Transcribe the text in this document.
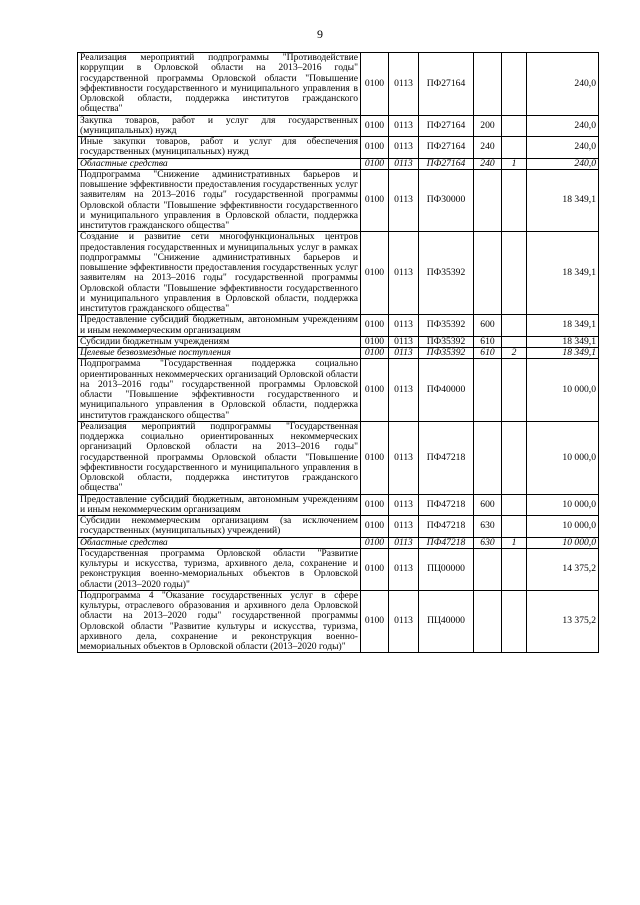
9
Реализация мероприятий подпрограммы "Противодействие коррупции в Орловской области на 2013–2016 годы" государственной программы Орловской области "Повышение эффективности государственного и муниципального управления в Орловской области, поддержка институтов гражданского общества"	0100	0113	ПФ27164			240,0
Закупка товаров, работ и услуг для государственных (муниципальных) нужд	0100	0113	ПФ27164	200		240,0
Иные закупки товаров, работ и услуг для обеспечения государственных (муниципальных) нужд	0100	0113	ПФ27164	240		240,0
Областные средства	0100	0113	ПФ27164	240	1	240,0
Подпрограмма "Снижение административных барьеров и повышение эффективности предоставления государственных услуг заявителям на 2013–2016 годы" государственной программы Орловской области "Повышение эффективности государственного и муниципального управления в Орловской области, поддержка институтов гражданского общества"	0100	0113	ПФ30000			18 349,1
Создание и развитие сети многофункциональных центров предоставления государственных и муниципальных услуг в рамках подпрограммы "Снижение административных барьеров и повышение эффективности предоставления государственных услуг заявителям на 2013–2016 годы" государственной программы Орловской области "Повышение эффективности государственного и муниципального управления в Орловской области, поддержка институтов гражданского общества"	0100	0113	ПФ35392			18 349,1
Предоставление субсидий бюджетным, автономным учреждениям и иным некоммерческим организациям	0100	0113	ПФ35392	600		18 349,1
Субсидии бюджетным учреждениям	0100	0113	ПФ35392	610		18 349,1
Целевые безвозмездные поступления	0100	0113	ПФ35392	610	2	18 349,1
Подпрограмма "Государственная поддержка социально ориентированных некоммерческих организаций Орловской области на 2013–2016 годы" государственной программы Орловской области "Повышение эффективности государственного и муниципального управления в Орловской области, поддержка институтов гражданского общества"	0100	0113	ПФ40000			10 000,0
Реализация мероприятий подпрограммы "Государственная поддержка социально ориентированных некоммерческих организаций Орловской области на 2013–2016 годы" государственной программы Орловской области "Повышение эффективности государственного и муниципального управления в Орловской области, поддержка институтов гражданского общества"	0100	0113	ПФ47218			10 000,0
Предоставление субсидий бюджетным, автономным учреждениям и иным некоммерческим организациям	0100	0113	ПФ47218	600		10 000,0
Субсидии некоммерческим организациям (за исключением государственных (муниципальных) учреждений)	0100	0113	ПФ47218	630		10 000,0
Областные средства	0100	0113	ПФ47218	630	1	10 000,0
Государственная программа Орловской области "Развитие культуры и искусства, туризма, архивного дела, сохранение и реконструкция военно-мемориальных объектов в Орловской области (2013–2020 годы)"	0100	0113	ПЦ00000			14 375,2
Подпрограмма 4 "Оказание государственных услуг в сфере культуры, отраслевого образования и архивного дела Орловской области на 2013–2020 годы" государственной программы Орловской области "Развитие культуры и искусства, туризма, архивного дела, сохранение и реконструкция военно-мемориальных объектов в Орловской области (2013–2020 годы)"	0100	0113	ПЦ40000			13 375,2
